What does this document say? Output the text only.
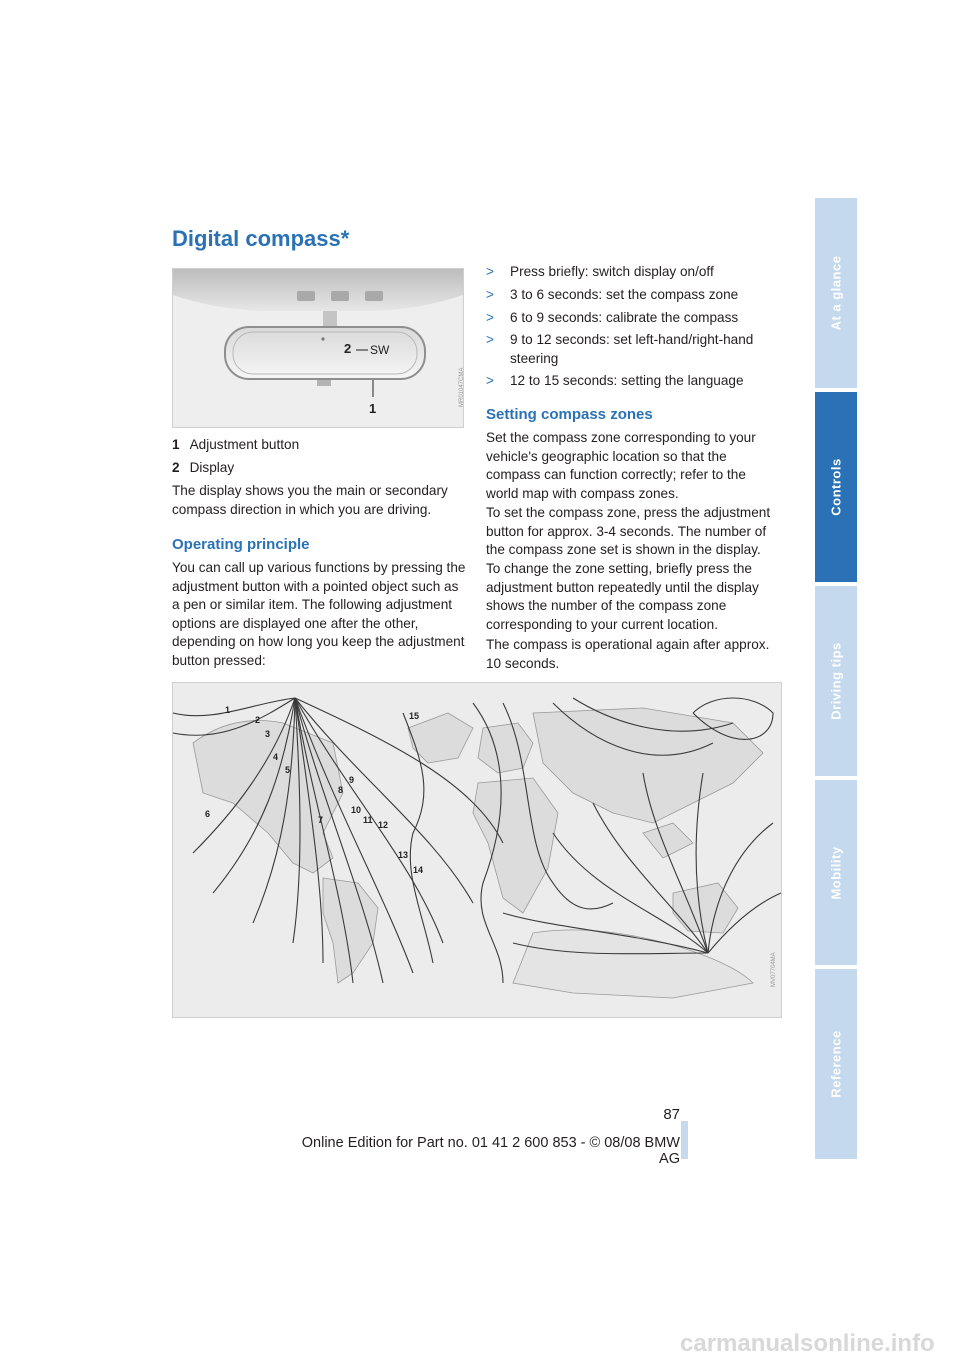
At a glance
Controls
Driving tips
Mobility
Reference
Digital compass*
2 SW
1
MR01047CMA
1 Adjustment button
2 Display
The display shows you the main or secondary compass direction in which you are driving.
Operating principle
You can call up various functions by pressing the adjustment button with a pointed object such as a pen or similar item. The following adjustment options are displayed one after the other, depending on how long you keep the adjustment button pressed:
> Press briefly: switch display on/off
> 3 to 6 seconds: set the compass zone
> 6 to 9 seconds: calibrate the compass
> 9 to 12 seconds: set left-hand/right-hand steering
> 12 to 15 seconds: setting the language
Setting compass zones
Set the compass zone corresponding to your vehicle's geographic location so that the compass can function correctly; refer to the world map with compass zones.
To set the compass zone, press the adjustment button for approx. 3-4 seconds. The number of the compass zone set is shown in the display.
To change the zone setting, briefly press the adjustment button repeatedly until the display shows the number of the compass zone corresponding to your current location.
The compass is operational again after approx. 10 seconds.
1
2
3
4
5
6
7
8
9
10
11 12
13
14
15
MV07704MA
87
Online Edition for Part no. 01 41 2 600 853 - © 08/08 BMW AG
carmanualsonline.info
